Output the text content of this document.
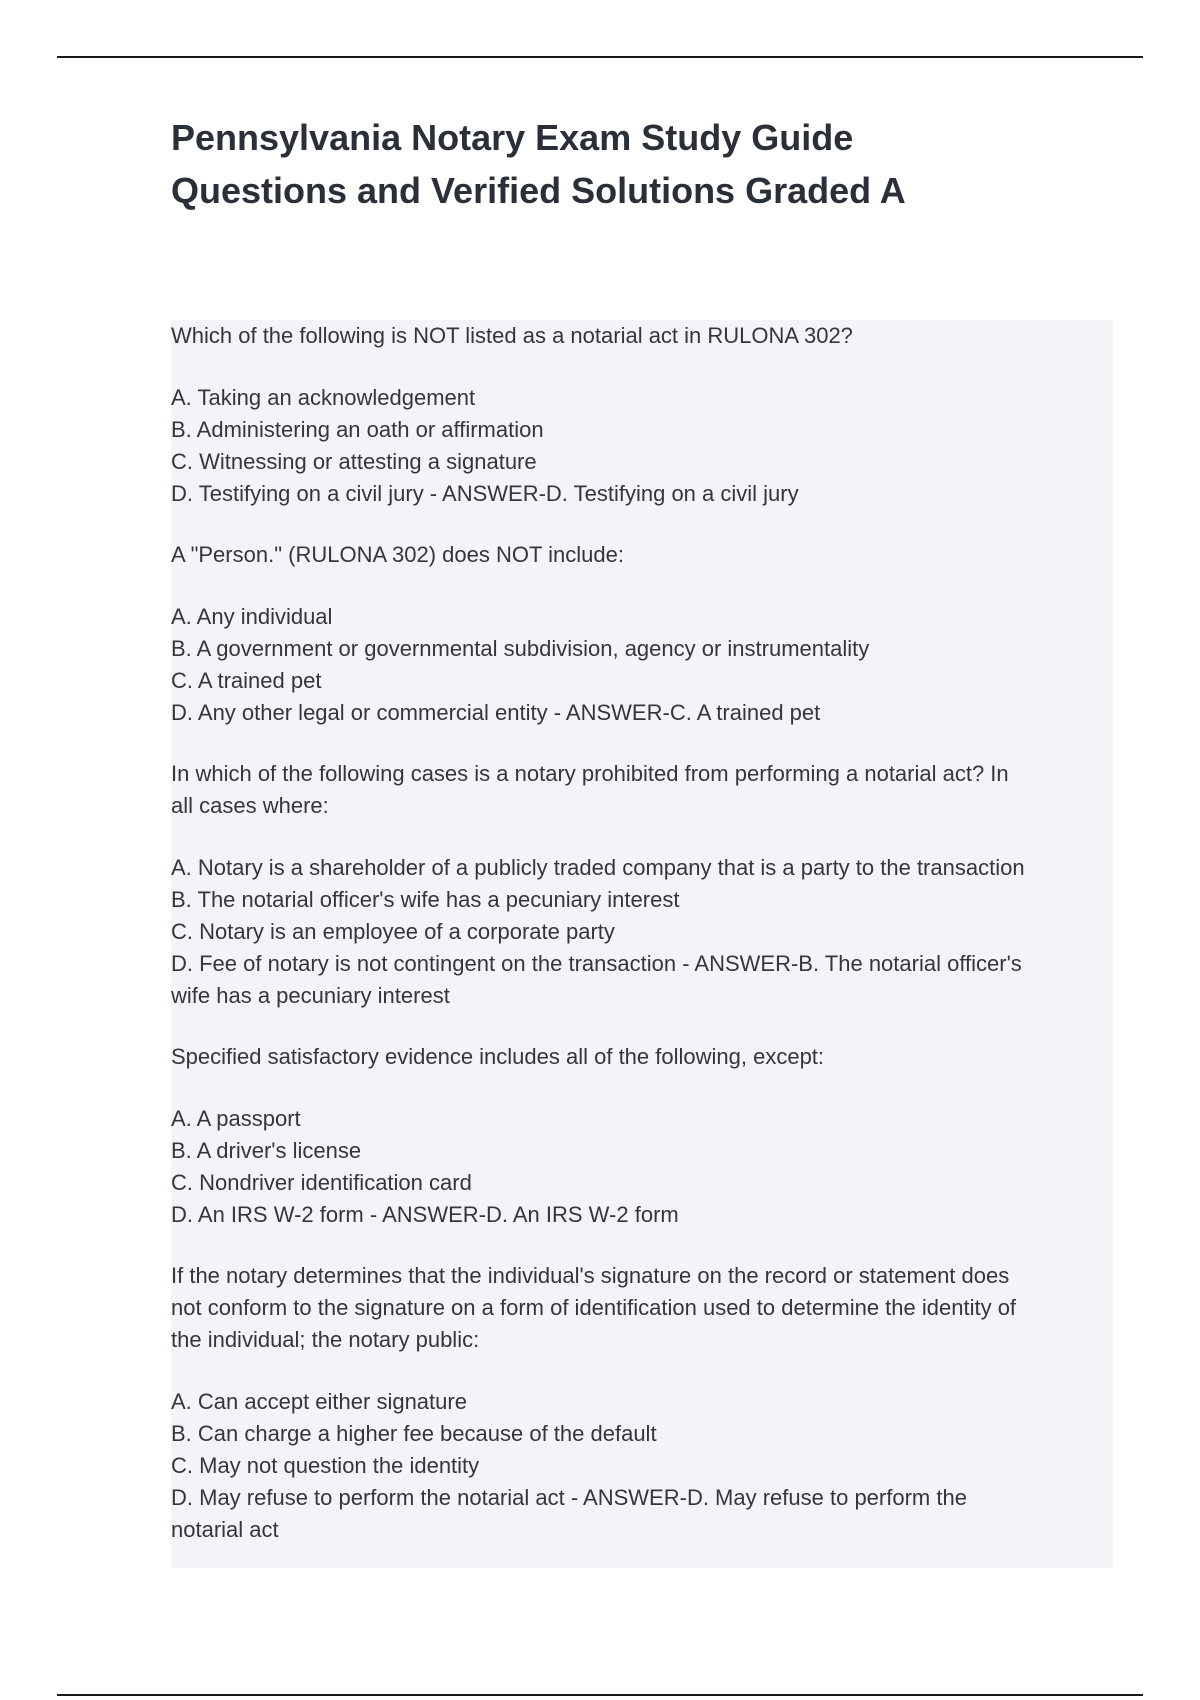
Pennsylvania Notary Exam Study Guide
Questions and Verified Solutions Graded A
Which of the following is NOT listed as a notarial act in RULONA 302?
A. Taking an acknowledgement
B. Administering an oath or affirmation
C. Witnessing or attesting a signature
D. Testifying on a civil jury - ANSWER-D. Testifying on a civil jury
A "Person." (RULONA 302) does NOT include:
A. Any individual
B. A government or governmental subdivision, agency or instrumentality
C. A trained pet
D. Any other legal or commercial entity - ANSWER-C. A trained pet
In which of the following cases is a notary prohibited from performing a notarial act? In
all cases where:
A. Notary is a shareholder of a publicly traded company that is a party to the transaction
B. The notarial officer's wife has a pecuniary interest
C. Notary is an employee of a corporate party
D. Fee of notary is not contingent on the transaction - ANSWER-B. The notarial officer's
wife has a pecuniary interest
Specified satisfactory evidence includes all of the following, except:
A. A passport
B. A driver's license
C. Nondriver identification card
D. An IRS W-2 form - ANSWER-D. An IRS W-2 form
If the notary determines that the individual's signature on the record or statement does
not conform to the signature on a form of identification used to determine the identity of
the individual; the notary public:
A. Can accept either signature
B. Can charge a higher fee because of the default
C. May not question the identity
D. May refuse to perform the notarial act - ANSWER-D. May refuse to perform the
notarial act
